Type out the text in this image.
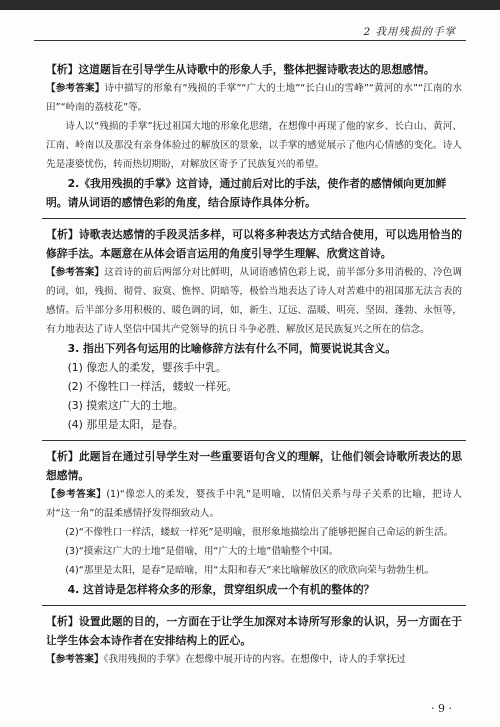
2 我用残损的手掌

【析】这道题旨在引导学生从诗歌中的形象人手，整体把握诗歌表达的思想感情。

【参考答案】诗中描写的形象有“残损的手掌”“广大的土地”“长白山的雪峰”“黄河的水”“江南的水田”“岭南的荔枝花”等。

诗人以“残损的手掌”抚过祖国大地的形象化思绪，在想像中再现了他的家乡、长白山、黄河、江南、岭南以及那没有亲身体验过的解放区的景象，以手掌的感觉展示了他内心情感的变化。诗人先是凄婆忧伤，转而热切期盼，对解放区寄予了民族复兴的希望。

2.《我用残损的手掌》这首诗，通过前后对比的手法，使作者的感情倾向更加鲜明。请从词语的感情色彩的角度，结合原诗作具体分析。

【析】诗歌表达感情的手段灵活多样，可以将多种表达方式结合使用，可以选用恰当的修辞手法。本题意在从体会语言运用的角度引导学生理解、欣赏这首诗。

【参考答案】这首诗的前后两部分对比鲜明，从词语感情色彩上说，前半部分多用消极的、冷色调的词，如，残损、彻骨、寂寞、憔悴、阴暗等，极恰当地表达了诗人对苦难中的祖国那无法言表的感情。后半部分多用积极的、暖色调的词，如，新生、辽远、温暖、明亮、坚固、蓬勃、永恒等，有力地表达了诗人坚信中国共产党领导的抗日斗争必胜、解放区是民族复兴之所在的信念。

3. 指出下列各句运用的比喻修辞方法有什么不同，简要说说其含义。

(1) 像恋人的柔发，婴孩手中乳。

(2) 不像牲口一样活，蝼蚁一样死。

(3) 摸索这广大的土地。

(4) 那里是太阳，是春。

【析】此题旨在通过引导学生对一些重要语句含义的理解，让他们领会诗歌所表达的思想感情。

【参考答案】(1)“像恋人的柔发，婴孩手中乳”是明喻，以情侣关系与母子关系的比喻，把诗人对“这一角”的温柔感情抒发得细致动人。

(2)“不像牲口一样活，蝼蚁一样死”是明喻，很形象地描绘出了能够把握自己命运的新生活。

(3)“摸索这广大的土地”是借喻，用“广大的土地”借喻整个中国。

(4)“那里是太阳，是春”是暗喻，用“太阳和春天”来比喻解放区的欣欣向荣与勃勃生机。

4. 这首诗是怎样将众多的形象，贯穿组织成一个有机的整体的？

【析】设置此题的目的，一方面在于让学生加深对本诗所写形象的认识，另一方面在于让学生体会本诗作者在安排结构上的匠心。

【参考答案】《我用残损的手掌》在想像中展开诗的内容。在想像中，诗人的手掌抚过

· 9 ·
